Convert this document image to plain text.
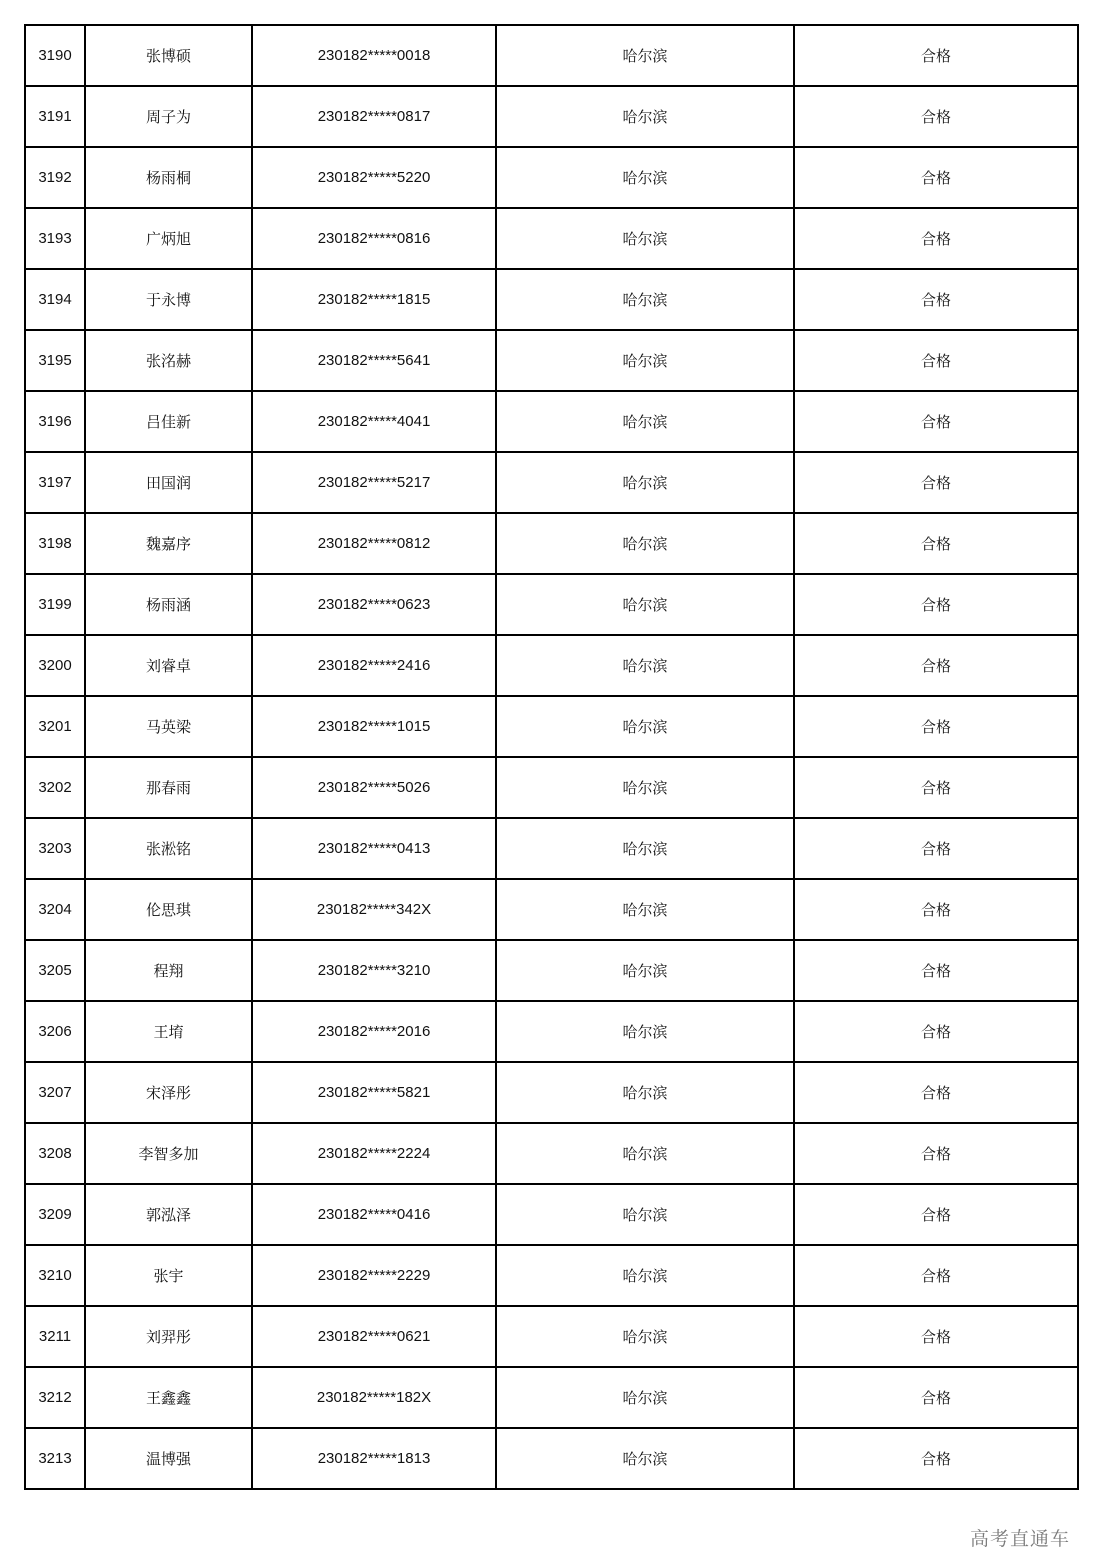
3190	张博硕	230182*****0018	哈尔滨	合格
3191	周子为	230182*****0817	哈尔滨	合格
3192	杨雨桐	230182*****5220	哈尔滨	合格
3193	广炳旭	230182*****0816	哈尔滨	合格
3194	于永博	230182*****1815	哈尔滨	合格
3195	张洺赫	230182*****5641	哈尔滨	合格
3196	吕佳新	230182*****4041	哈尔滨	合格
3197	田国润	230182*****5217	哈尔滨	合格
3198	魏嘉序	230182*****0812	哈尔滨	合格
3199	杨雨涵	230182*****0623	哈尔滨	合格
3200	刘睿卓	230182*****2416	哈尔滨	合格
3201	马英梁	230182*****1015	哈尔滨	合格
3202	那春雨	230182*****5026	哈尔滨	合格
3203	张淞铭	230182*****0413	哈尔滨	合格
3204	伦思琪	230182*****342X	哈尔滨	合格
3205	程翔	230182*****3210	哈尔滨	合格
3206	王堉	230182*****2016	哈尔滨	合格
3207	宋泽彤	230182*****5821	哈尔滨	合格
3208	李智多加	230182*****2224	哈尔滨	合格
3209	郭泓泽	230182*****0416	哈尔滨	合格
3210	张宇	230182*****2229	哈尔滨	合格
3211	刘羿彤	230182*****0621	哈尔滨	合格
3212	王鑫鑫	230182*****182X	哈尔滨	合格
3213	温博强	230182*****1813	哈尔滨	合格
高考直通车
